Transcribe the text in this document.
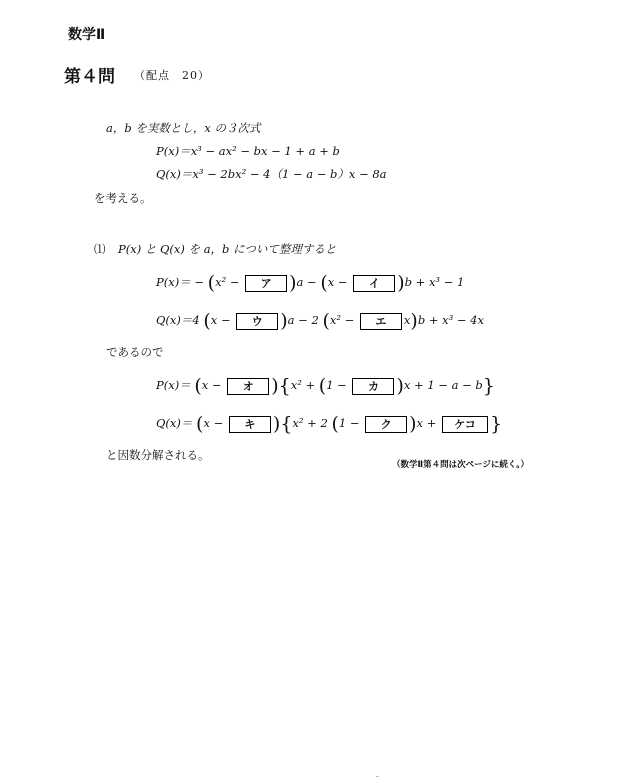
数学Ⅱ
第４問 （配点　20）
a，b を実数とし，x の３次式
P(x)＝x³ − ax² − bx − 1 + a + b
Q(x)＝x³ − 2bx² − 4（1 − a − b）x − 8a
を考える。
⑴ P(x) と Q(x) を a，b について整理すると
P(x)＝ − (x² − ア )a − (x − イ )b + x³ − 1
Q(x)＝4 (x − ウ )a − 2 (x² − エ x)b + x³ − 4x
であるので
P(x)＝ (x − オ ){x² + (1 − カ )x + 1 − a − b}
Q(x)＝ (x − キ ){x² + 2 (1 − ク )x + ケコ }
と因数分解される。
（数学Ⅱ第４問は次ページに続く。）
